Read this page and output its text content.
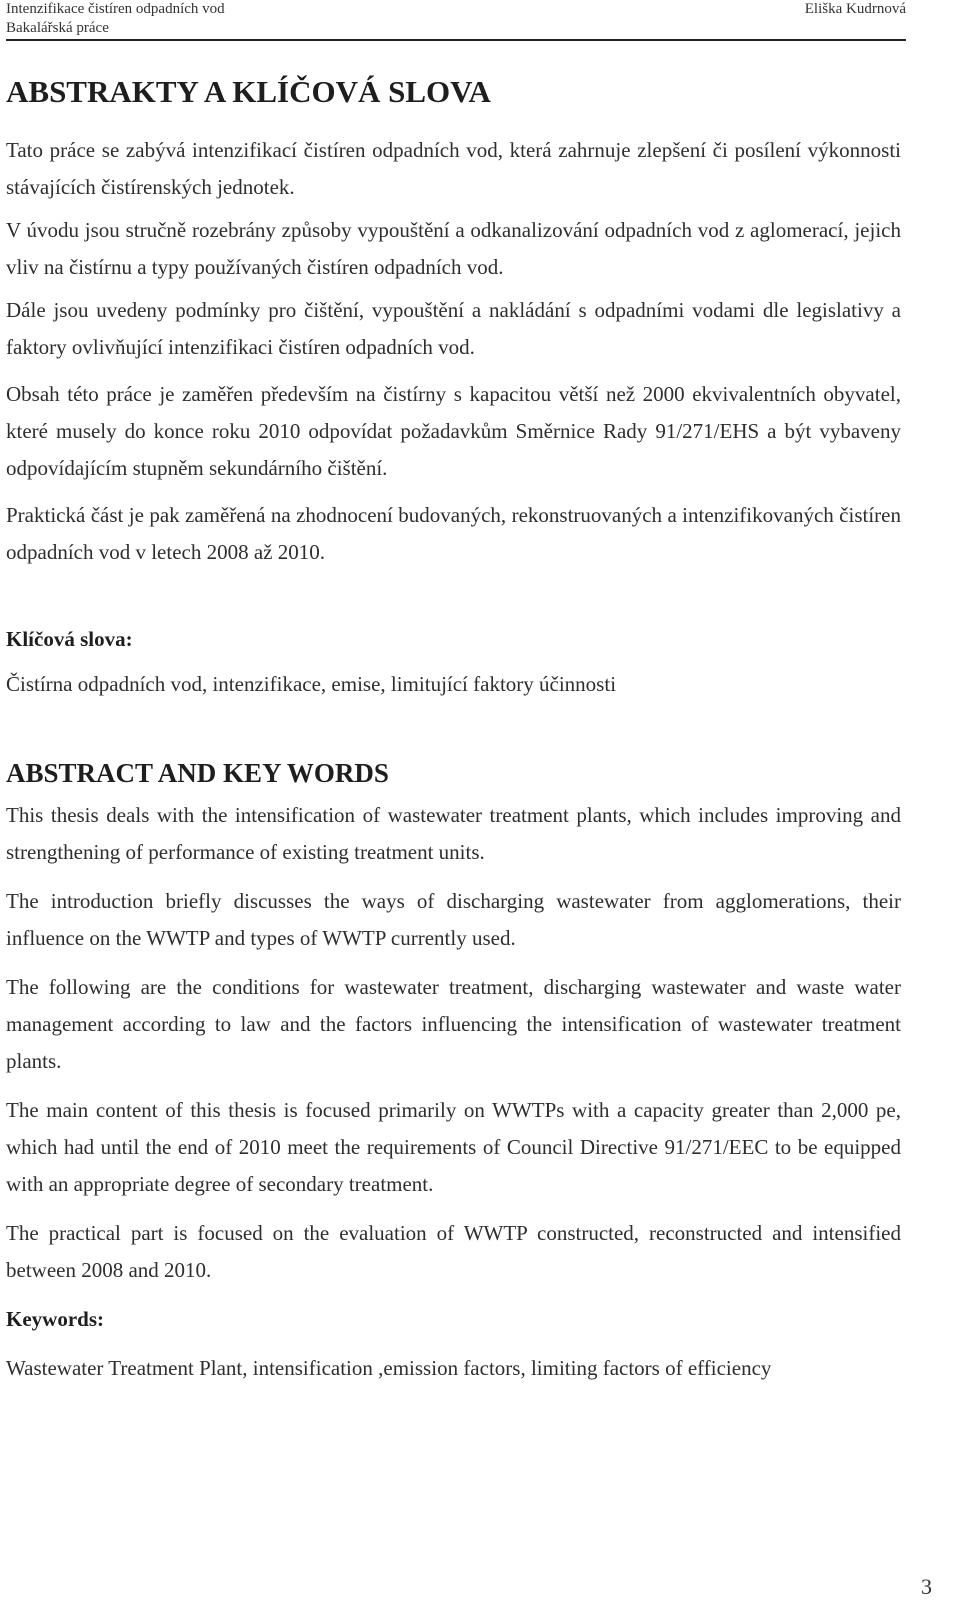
Intenzifikace čistíren odpadních vod	Eliška Kudrnová
Bakalářská práce
ABSTRAKTY A KLÍČOVÁ SLOVA

Tato práce se zabývá intenzifikací čistíren odpadních vod, která zahrnuje zlepšení či posílení výkonnosti stávajících čistírenských jednotek.

V úvodu jsou stručně rozebrány způsoby vypouštění a odkanalizování odpadních vod z aglomerací, jejich vliv na čistírnu a typy používaných čistíren odpadních vod.

Dále jsou uvedeny podmínky pro čištění, vypouštění a nakládání s odpadními vodami dle legislativy a faktory ovlivňující intenzifikaci čistíren odpadních vod.

Obsah této práce je zaměřen především na čistírny s kapacitou větší než 2000 ekvivalentních obyvatel, které musely do konce roku 2010 odpovídat požadavkům Směrnice Rady 91/271/EHS a být vybaveny odpovídajícím stupněm sekundárního čištění.

Praktická část je pak zaměřená na zhodnocení budovaných, rekonstruovaných a intenzifikovaných čistíren odpadních vod v letech 2008 až 2010.

Klíčová slova:
Čistírna odpadních vod, intenzifikace, emise, limitující faktory účinnosti
ABSTRACT AND KEY WORDS

This thesis deals with the intensification of wastewater treatment plants, which includes improving and strengthening of performance of existing treatment units.

The introduction briefly discusses the ways of discharging wastewater from agglomerations, their influence on the WWTP and types of WWTP currently used.

The following are the conditions for wastewater treatment, discharging wastewater and waste water management according to law and the factors influencing the intensification of wastewater treatment plants.

The main content of this thesis is focused primarily on WWTPs with a capacity greater than 2,000 pe, which had until the end of 2010 meet the requirements of Council Directive 91/271/EEC to be equipped with an appropriate degree of secondary treatment.

The practical part is focused on the evaluation of WWTP constructed, reconstructed and intensified between 2008 and 2010.

Keywords:
Wastewater Treatment Plant, intensification ,emission factors, limiting factors of efficiency
3
